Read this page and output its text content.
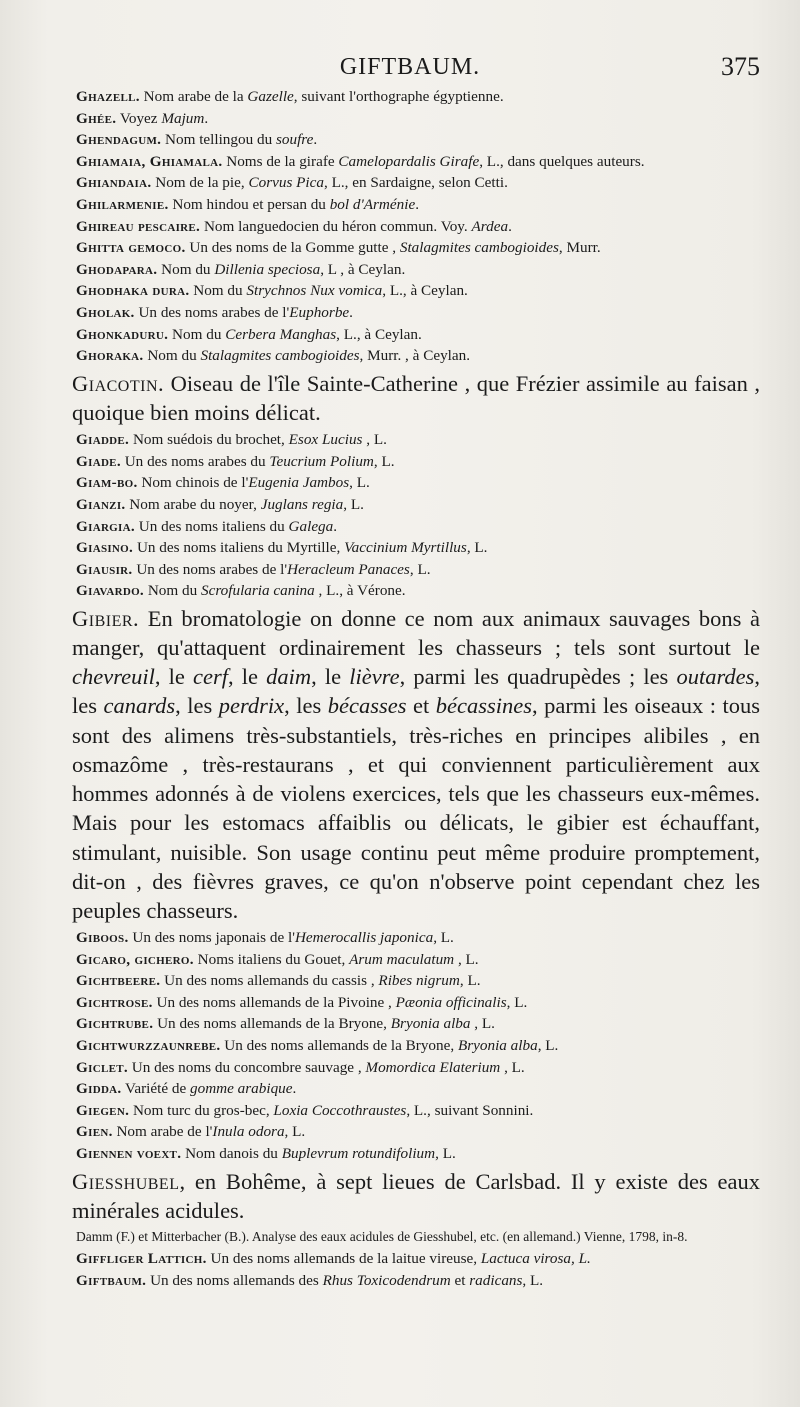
GIFTBAUM.	375

Ghazell. Nom arabe de la Gazelle, suivant l'orthographe égyptienne.

Ghée. Voyez Majum.

Ghendagum. Nom tellingou du soufre.

Ghiamaia, Ghiamala. Noms de la girafe Camelopardalis Girafe, L., dans quelques auteurs.

Ghiandaia. Nom de la pie, Corvus Pica, L., en Sardaigne, selon Cetti.

Ghilarmenie. Nom hindou et persan du bol d'Arménie.

Ghireau pescaire. Nom languedocien du héron commun. Voy. Ardea.

Ghitta gemoco. Un des noms de la Gomme gutte , Stalagmites cambogioides, Murr.

Ghodapara. Nom du Dillenia speciosa, L , à Ceylan.

Ghodhaka dura. Nom du Strychnos Nux vomica, L., à Ceylan.

Gholak. Un des noms arabes de l'Euphorbe.

Ghonkaduru. Nom du Cerbera Manghas, L., à Ceylan.

Ghoraka. Nom du Stalagmites cambogioides, Murr. , à Ceylan.

Giacotin. Oiseau de l'île Sainte-Catherine , que Frézier assimile au faisan , quoique bien moins délicat.

Giadde. Nom suédois du brochet, Esox Lucius , L.

Giade. Un des noms arabes du Teucrium Polium, L.

Giam-bo. Nom chinois de l'Eugenia Jambos, L.

Gianzi. Nom arabe du noyer, Juglans regia, L.

Giargia. Un des noms italiens du Galega.

Giasino. Un des noms italiens du Myrtille, Vaccinium Myrtillus, L.

Giausir. Un des noms arabes de l'Heracleum Panaces, L.

Giavardo. Nom du Scrofularia canina , L., à Vérone.

Gibier. En bromatologie on donne ce nom aux animaux sauvages bons à manger, qu'attaquent ordinairement les chasseurs ; tels sont surtout le chevreuil, le cerf, le daim, le lièvre, parmi les quadrupèdes ; les outardes, les canards, les perdrix, les bécasses et bécassines, parmi les oiseaux : tous sont des alimens très-substantiels, très-riches en principes alibiles , en osmazôme , très-restaurans , et qui conviennent particulièrement aux hommes adonnés à de violens exercices, tels que les chasseurs eux-mêmes. Mais pour les estomacs affaiblis ou délicats, le gibier est échauffant, stimulant, nuisible. Son usage continu peut même produire promptement, dit-on , des fièvres graves, ce qu'on n'observe point cependant chez les peuples chasseurs.

Giboos. Un des noms japonais de l'Hemerocallis japonica, L.

Gicaro, gichero. Noms italiens du Gouet, Arum maculatum , L.

Gichtbeere. Un des noms allemands du cassis , Ribes nigrum, L.

Gichtrose. Un des noms allemands de la Pivoine , Pæonia officinalis, L.

Gichtrube. Un des noms allemands de la Bryone, Bryonia alba , L.

Gichtwurzzaunrebe. Un des noms allemands de la Bryone, Bryonia alba, L.

Giclet. Un des noms du concombre sauvage , Momordica Elaterium , L.

Gidda. Variété de gomme arabique.

Giegen. Nom turc du gros-bec, Loxia Coccothraustes, L., suivant Sonnini.

Gien. Nom arabe de l'Inula odora, L.

Giennen voext. Nom danois du Buplevrum rotundifolium, L.

Giesshubel, en Bohême, à sept lieues de Carlsbad. Il y existe des eaux minérales acidules.

Damm (F.) et Mitterbacher (B.). Analyse des eaux acidules de Giesshubel, etc. (en allemand.) Vienne, 1798, in-8.

Giffliger Lattich. Un des noms allemands de la laitue vireuse, Lactuca virosa, L.

Giftbaum. Un des noms allemands des Rhus Toxicodendrum et radicans, L.
